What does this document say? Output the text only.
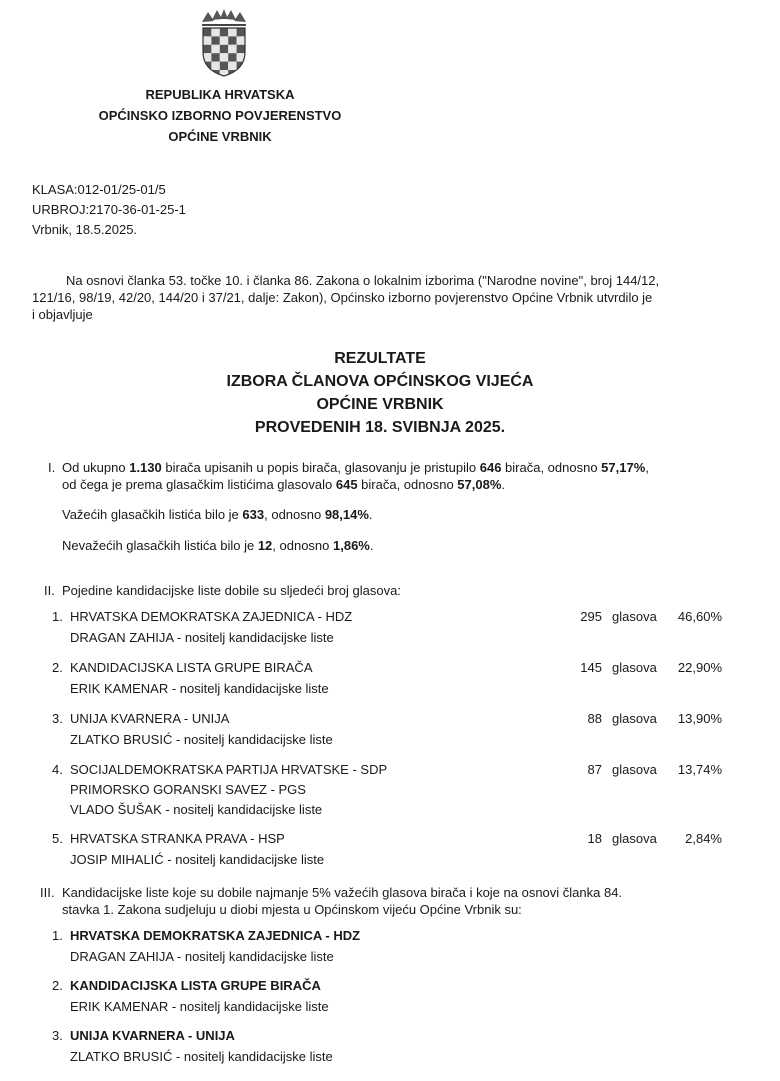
REPUBLIKA HRVATSKA
OPĆINSKO IZBORNO POVJERENSTVO
OPĆINE VRBNIK
KLASA:012-01/25-01/5
URBROJ:2170-36-01-25-1
Vrbnik, 18.5.2025.
Na osnovi članka 53. točke 10. i članka 86. Zakona o lokalnim izborima ("Narodne novine", broj 144/12,
121/16, 98/19, 42/20, 144/20 i 37/21, dalje: Zakon), Općinsko izborno povjerenstvo Općine Vrbnik utvrdilo je
i objavljuje
REZULTATE
IZBORA ČLANOVA OPĆINSKOG VIJEĆA
OPĆINE VRBNIK
PROVEDENIH 18. SVIBNJA 2025.
I. Od ukupno 1.130 birača upisanih u popis birača, glasovanju je pristupilo 646 birača, odnosno 57,17%,
od čega je prema glasačkim listićima glasovalo 645 birača, odnosno 57,08%.
Važećih glasačkih listića bilo je 633, odnosno 98,14%.
Nevažećih glasačkih listića bilo je 12, odnosno 1,86%.
II. Pojedine kandidacijske liste dobile su sljedeći broj glasova:
1. HRVATSKA DEMOKRATSKA ZAJEDNICA - HDZ
DRAGAN ZAHIJA - nositelj kandidacijske liste
295 glasova	46,60%
2. KANDIDACIJSKA LISTA GRUPE BIRAČA
ERIK KAMENAR - nositelj kandidacijske liste
145 glasova	22,90%
3. UNIJA KVARNERA - UNIJA
ZLATKO BRUSIĆ - nositelj kandidacijske liste
88 glasova	13,90%
4. SOCIJALDEMOKRATSKA PARTIJA HRVATSKE - SDP
PRIMORSKO GORANSKI SAVEZ - PGS
VLADO ŠUŠAK - nositelj kandidacijske liste
87 glasova	13,74%
5. HRVATSKA STRANKA PRAVA - HSP
JOSIP MIHALIĆ - nositelj kandidacijske liste
18 glasova	2,84%
III. Kandidacijske liste koje su dobile najmanje 5% važećih glasova birača i koje na osnovi članka 84.
stavka 1. Zakona sudjeluju u diobi mjesta u Općinskom vijeću Općine Vrbnik su:
1. HRVATSKA DEMOKRATSKA ZAJEDNICA - HDZ
DRAGAN ZAHIJA - nositelj kandidacijske liste
2. KANDIDACIJSKA LISTA GRUPE BIRAČA
ERIK KAMENAR - nositelj kandidacijske liste
3. UNIJA KVARNERA - UNIJA
ZLATKO BRUSIĆ - nositelj kandidacijske liste
